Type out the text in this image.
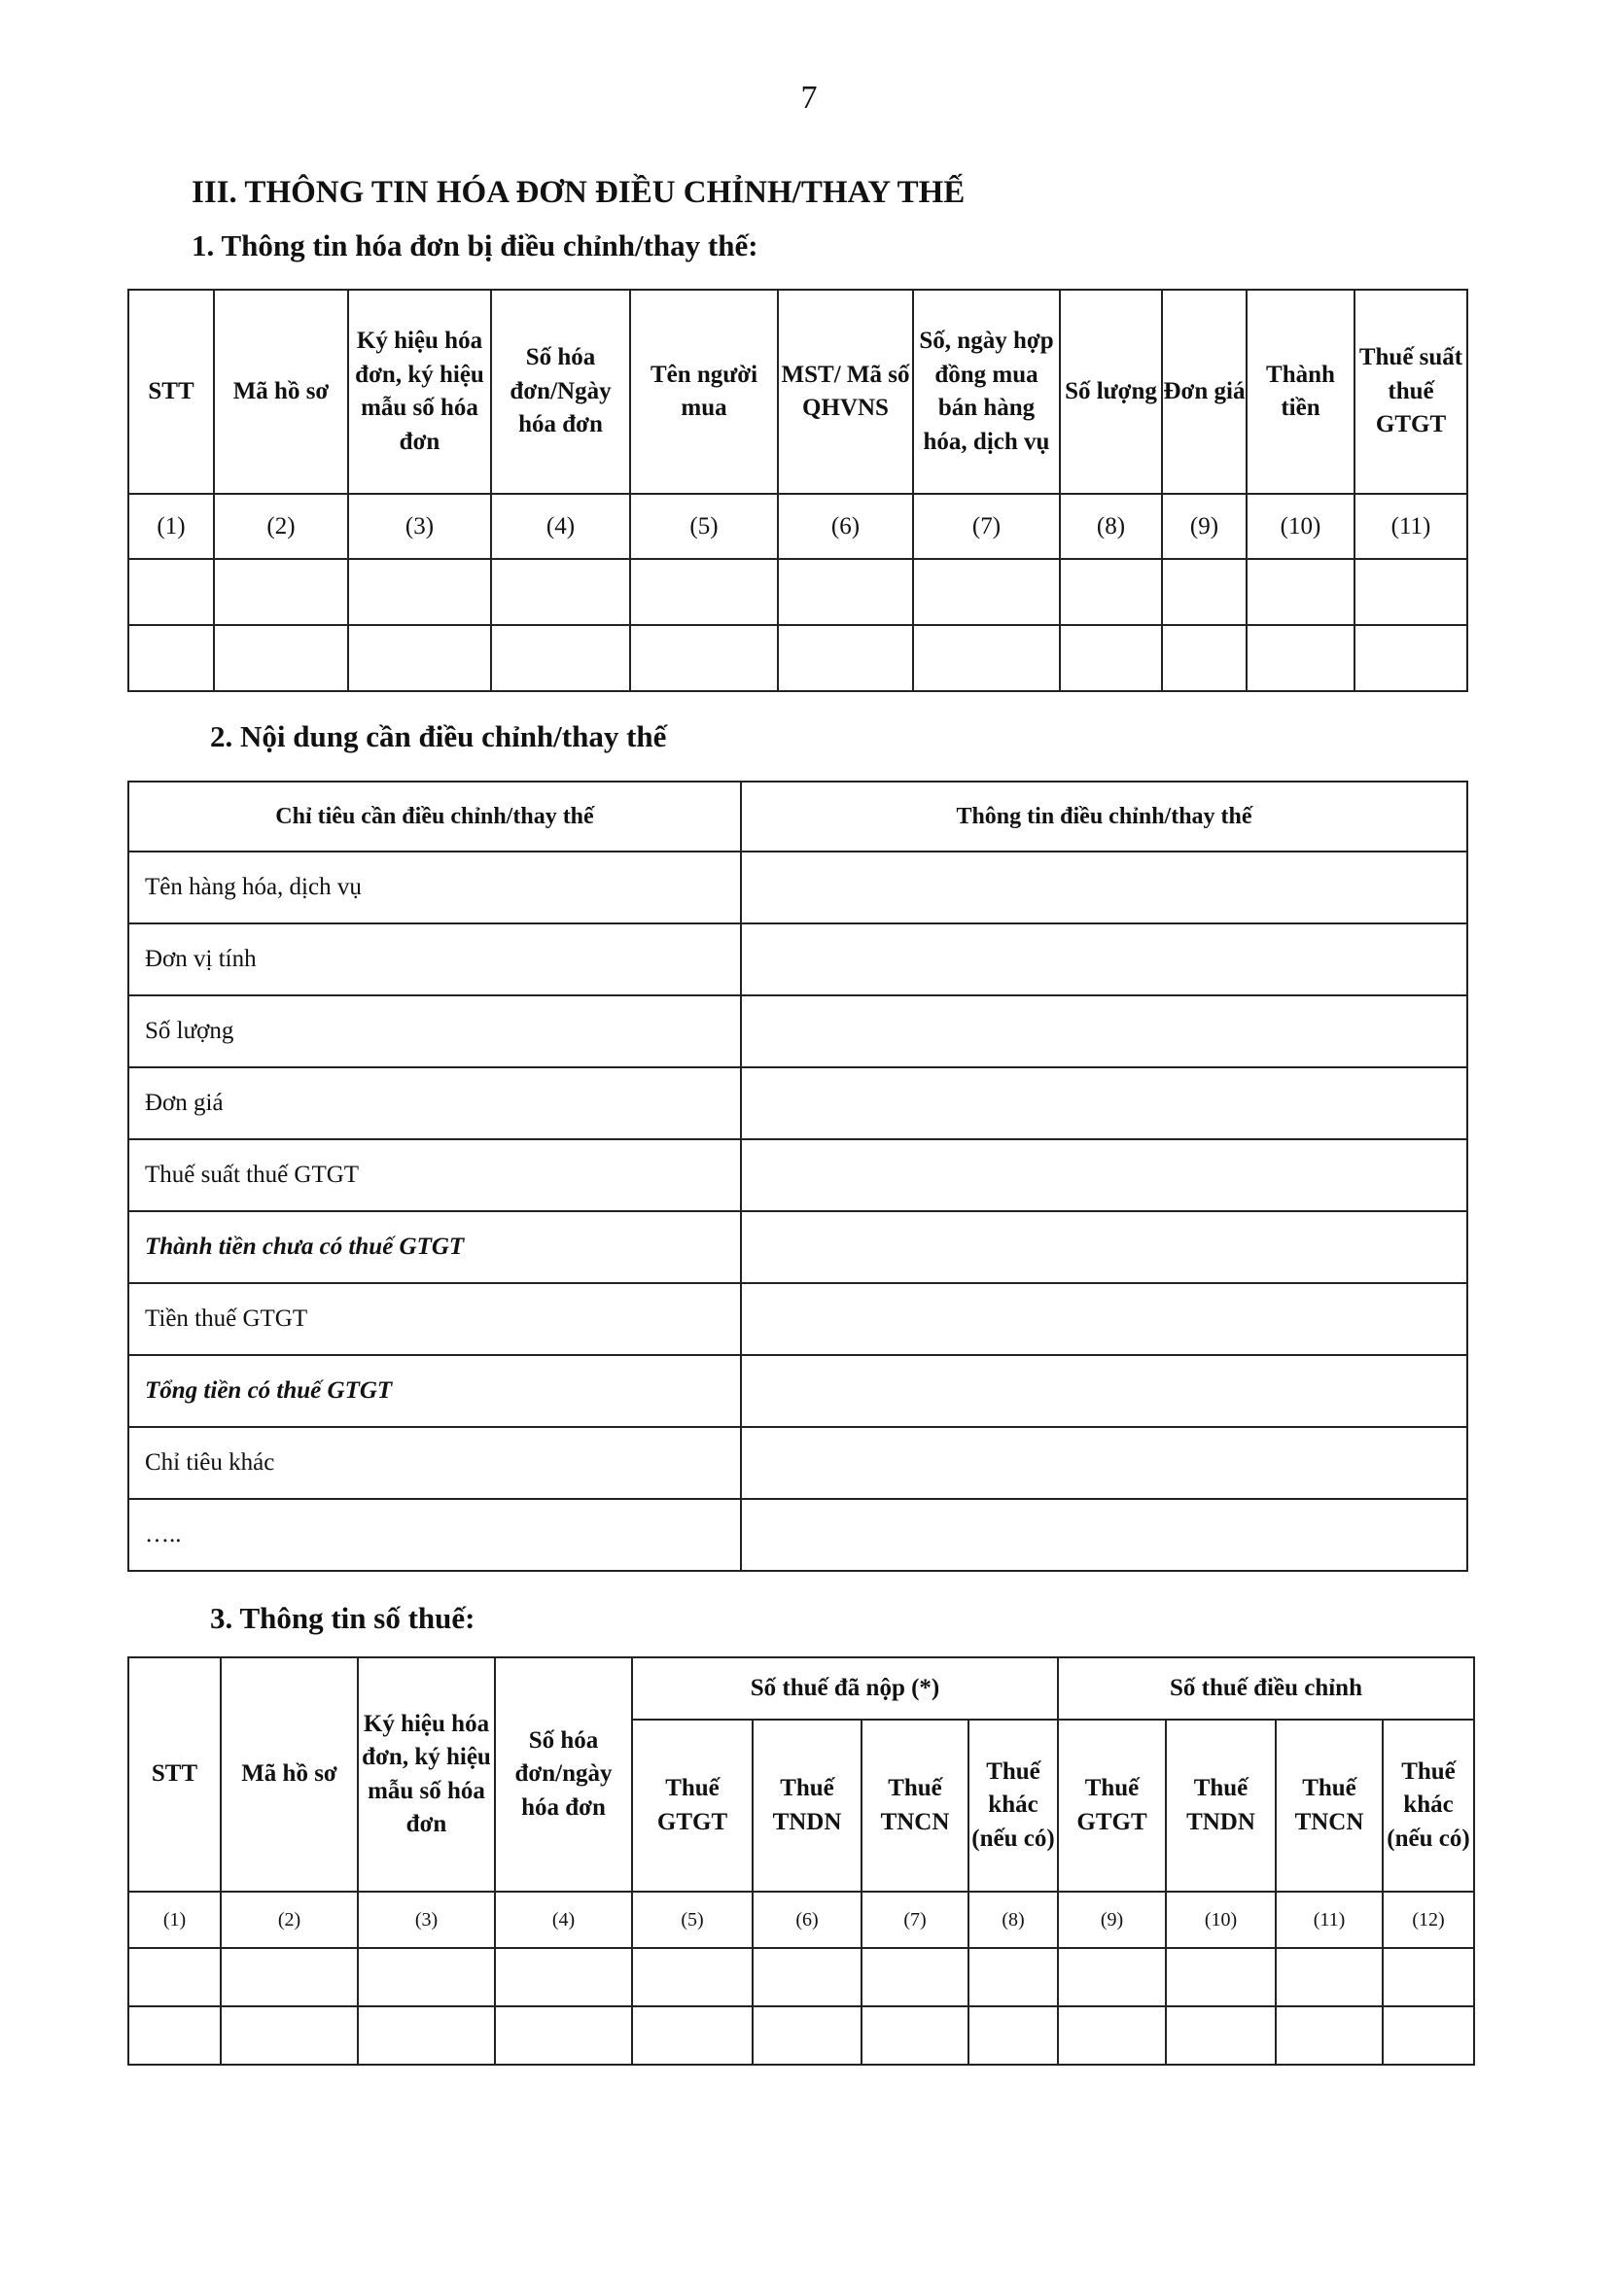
7
III. THÔNG TIN HÓA ĐƠN ĐIỀU CHỈNH/THAY THẾ
1. Thông tin hóa đơn bị điều chỉnh/thay thế:
STT	Mã hồ sơ	Ký hiệu hóa đơn, ký hiệu mẫu số hóa đơn	Số hóa đơn/Ngày hóa đơn	Tên người mua	MST/ Mã số QHVNS	Số, ngày hợp đồng mua bán hàng hóa, dịch vụ	Số lượng	Đơn giá	Thành tiền	Thuế suất thuế GTGT
(1)	(2)	(3)	(4)	(5)	(6)	(7)	(8)	(9)	(10)	(11)

2. Nội dung cần điều chỉnh/thay thế
Chỉ tiêu cần điều chỉnh/thay thế	Thông tin điều chỉnh/thay thế
Tên hàng hóa, dịch vụ	
Đơn vị tính	
Số lượng	
Đơn giá	
Thuế suất thuế GTGT	
Thành tiền chưa có thuế GTGT	
Tiền thuế GTGT	
Tổng tiền có thuế GTGT	
Chỉ tiêu khác	
…..	
3. Thông tin số thuế:
STT	Mã hồ sơ	Ký hiệu hóa đơn, ký hiệu mẫu số hóa đơn	Số hóa đơn/ngày hóa đơn	Số thuế đã nộp (*)				Số thuế điều chỉnh			
				Thuế GTGT	Thuế TNDN	Thuế TNCN	Thuế khác (nếu có)	Thuế GTGT	Thuế TNDN	Thuế TNCN	Thuế khác (nếu có)
(1)	(2)	(3)	(4)	(5)	(6)	(7)	(8)	(9)	(10)	(11)	(12)
